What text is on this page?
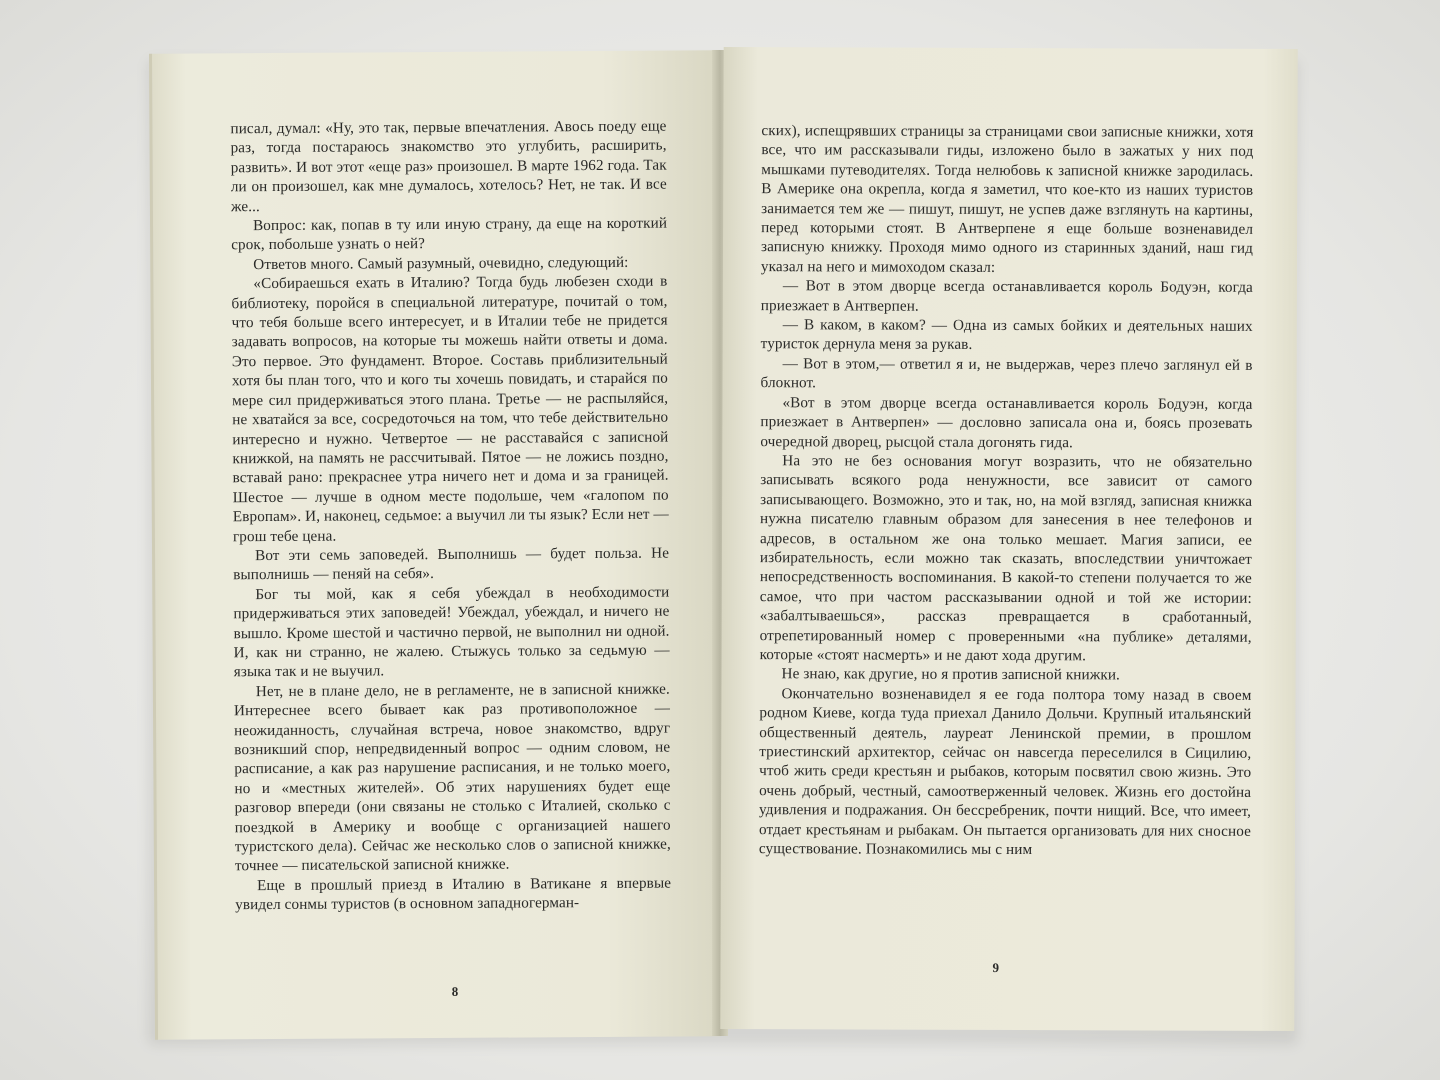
писал, думал: «Ну, это так, первые впечатления. Авось поеду еще раз, тогда постараюсь знакомство это углубить, расширить, развить». И вот этот «еще раз» произошел. В марте 1962 года. Так ли он произошел, как мне думалось, хотелось? Нет, не так. И все же...

Вопрос: как, попав в ту или иную страну, да еще на короткий срок, побольше узнать о ней?

Ответов много. Самый разумный, очевидно, следующий:

«Собираешься ехать в Италию? Тогда будь любезен сходи в библиотеку, поройся в специальной литературе, почитай о том, что тебя больше всего интересует, и в Италии тебе не придется задавать вопросов, на которые ты можешь найти ответы и дома. Это первое. Это фундамент. Второе. Составь приблизительный хотя бы план того, что и кого ты хочешь повидать, и старайся по мере сил придерживаться этого плана. Третье — не распыляйся, не хватайся за все, сосредоточься на том, что тебе действительно интересно и нужно. Четвертое — не расставайся с записной книжкой, на память не рассчитывай. Пятое — не ложись поздно, вставай рано: прекраснее утра ничего нет и дома и за границей. Шестое — лучше в одном месте подольше, чем «галопом по Европам». И, наконец, седьмое: а выучил ли ты язык? Если нет — грош тебе цена.

Вот эти семь заповедей. Выполнишь — будет польза. Не выполнишь — пеняй на себя».

Бог ты мой, как я себя убеждал в необходимости придерживаться этих заповедей! Убеждал, убеждал, и ничего не вышло. Кроме шестой и частично первой, не выполнил ни одной. И, как ни странно, не жалею. Стыжусь только за седьмую — языка так и не выучил.

Нет, не в плане дело, не в регламенте, не в записной книжке. Интереснее всего бывает как раз противоположное — неожиданность, случайная встреча, новое знакомство, вдруг возникший спор, непредвиденный вопрос — одним словом, не расписание, а как раз нарушение расписания, и не только моего, но и «местных жителей». Об этих нарушениях будет еще разговор впереди (они связаны не столько с Италией, сколько с поездкой в Америку и вообще с организацией нашего туристского дела). Сейчас же несколько слов о записной книжке, точнее — писательской записной книжке.

Еще в прошлый приезд в Италию в Ватикане я впервые увидел сонмы туристов (в основном западногерман-

8

ских), испещрявших страницы за страницами свои записные книжки, хотя все, что им рассказывали гиды, изложено было в зажатых у них под мышками путеводителях. Тогда нелюбовь к записной книжке зародилась. В Америке она окрепла, когда я заметил, что кое-кто из наших туристов занимается тем же — пишут, пишут, не успев даже взглянуть на картины, перед которыми стоят. В Антверпене я еще больше возненавидел записную книжку. Проходя мимо одного из старинных зданий, наш гид указал на него и мимоходом сказал:

— Вот в этом дворце всегда останавливается король Бодуэн, когда приезжает в Антверпен.

— В каком, в каком? — Одна из самых бойких и деятельных наших туристок дернула меня за рукав.

— Вот в этом,— ответил я и, не выдержав, через плечо заглянул ей в блокнот.

«Вот в этом дворце всегда останавливается король Бодуэн, когда приезжает в Антверпен» — дословно записала она и, боясь прозевать очередной дворец, рысцой стала догонять гида.

На это не без основания могут возразить, что не обязательно записывать всякого рода ненужности, все зависит от самого записывающего. Возможно, это и так, но, на мой взгляд, записная книжка нужна писателю главным образом для занесения в нее телефонов и адресов, в остальном же она только мешает. Магия записи, ее избирательность, если можно так сказать, впоследствии уничтожает непосредственность воспоминания. В какой-то степени получается то же самое, что при частом рассказывании одной и той же истории: «забалтываешься», рассказ превращается в сработанный, отрепетированный номер с проверенными «на публике» деталями, которые «стоят насмерть» и не дают хода другим.

Не знаю, как другие, но я против записной книжки.

Окончательно возненавидел я ее года полтора тому назад в своем родном Киеве, когда туда приехал Данило Дольчи. Крупный итальянский общественный деятель, лауреат Ленинской премии, в прошлом триестинский архитектор, сейчас он навсегда переселился в Сицилию, чтоб жить среди крестьян и рыбаков, которым посвятил свою жизнь. Это очень добрый, честный, самоотверженный человек. Жизнь его достойна удивления и подражания. Он бессребреник, почти нищий. Все, что имеет, отдает крестьянам и рыбакам. Он пытается организовать для них сносное существование. Познакомились мы с ним

9
